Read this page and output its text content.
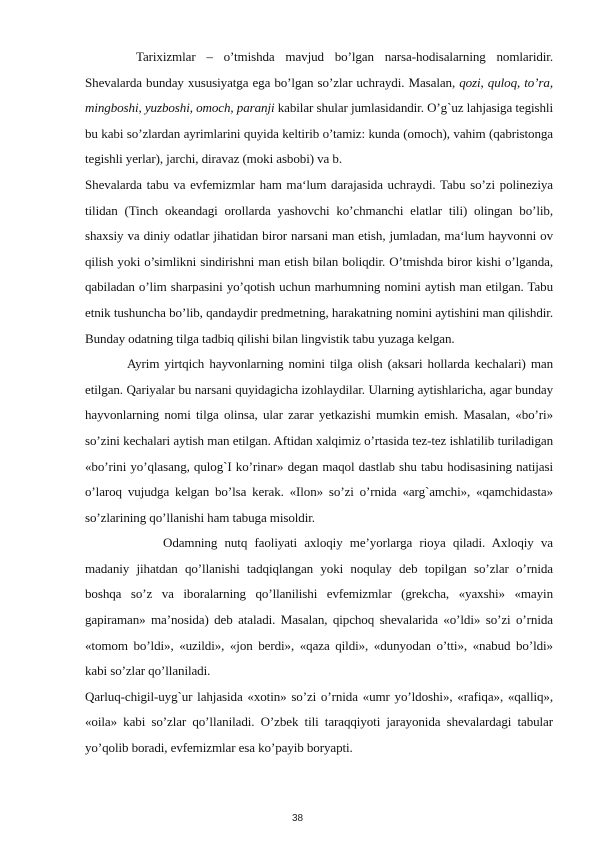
Tarixizmlar – o’tmishda mavjud bo’lgan narsa-hodisalarning nomlaridir. Shevalarda bunday xususiyatga ega bo’lgan so’zlar uchraydi. Masalan, qozi, quloq, to’ra, mingboshi, yuzboshi, omoch, paranji kabilar shular jumlasidandir. O’g`uz lahjasiga tegishli bu kabi so’zlardan ayrimlarini quyida keltirib o’tamiz: kunda (omoch), vahim (qabristonga tegishli yerlar), jarchi, diravaz (moki asbobi) va b.

Shevalarda tabu va evfemizmlar ham ma‘lum darajasida uchraydi. Tabu so’zi polineziya tilidan (Tinch okeandagi orollarda yashovchi ko’chmanchi elatlar tili) olingan bo’lib, shaxsiy va diniy odatlar jihatidan biror narsani man etish, jumladan, ma‘lum hayvonni ov qilish yoki o’simlikni sindirishni man etish bilan boliqdir. O’tmishda biror kishi o’lganda, qabiladan o’lim sharpasini yo’qotish uchun marhumning nomini aytish man etilgan. Tabu etnik tushuncha bo’lib, qandaydir predmetning, harakatning nomini aytishini man qilishdir. Bunday odatning tilga tadbiq qilishi bilan lingvistik tabu yuzaga kelgan.

Ayrim yirtqich hayvonlarning nomini tilga olish (aksari hollarda kechalari) man etilgan. Qariyalar bu narsani quyidagicha izohlaydilar. Ularning aytishlaricha, agar bunday hayvonlarning nomi tilga olinsa, ular zarar yetkazishi mumkin emish. Masalan, «bo’ri» so’zini kechalari aytish man etilgan. Aftidan xalqimiz o’rtasida tez-tez ishlatilib turiladigan «bo’rini yo’qlasang, qulog`I ko’rinar» degan maqol dastlab shu tabu hodisasining natijasi o’laroq vujudga kelgan bo’lsa kerak. «Ilon» so’zi o’rnida «arg`amchi», «qamchidasta» so’zlarining qo’llanishi ham tabuga misoldir.

Odamning nutq faoliyati axloqiy me’yorlarga rioya qiladi. Axloqiy va madaniy jihatdan qo’llanishi tadqiqlangan yoki noqulay deb topilgan so’zlar o’rnida boshqa so’z va iboralarning qo’llanilishi evfemizmlar (grekcha, «yaxshi» «mayin gapiraman» ma’nosida) deb ataladi. Masalan, qipchoq shevalarida «o’ldi» so’zi o’rnida «tomom bo’ldi», «uzildi», «jon berdi», «qaza qildi», «dunyodan o’tti», «nabud bo’ldi» kabi so’zlar qo’llaniladi.

Qarluq-chigil-uyg`ur lahjasida «xotin» so’zi o’rnida «umr yo’ldoshi», «rafiqa», «qalliq», «oila» kabi so’zlar qo’llaniladi. O’zbek tili taraqqiyoti jarayonida shevalardagi tabular yo’qolib boradi, evfemizmlar esa ko’payib boryapti.

38
